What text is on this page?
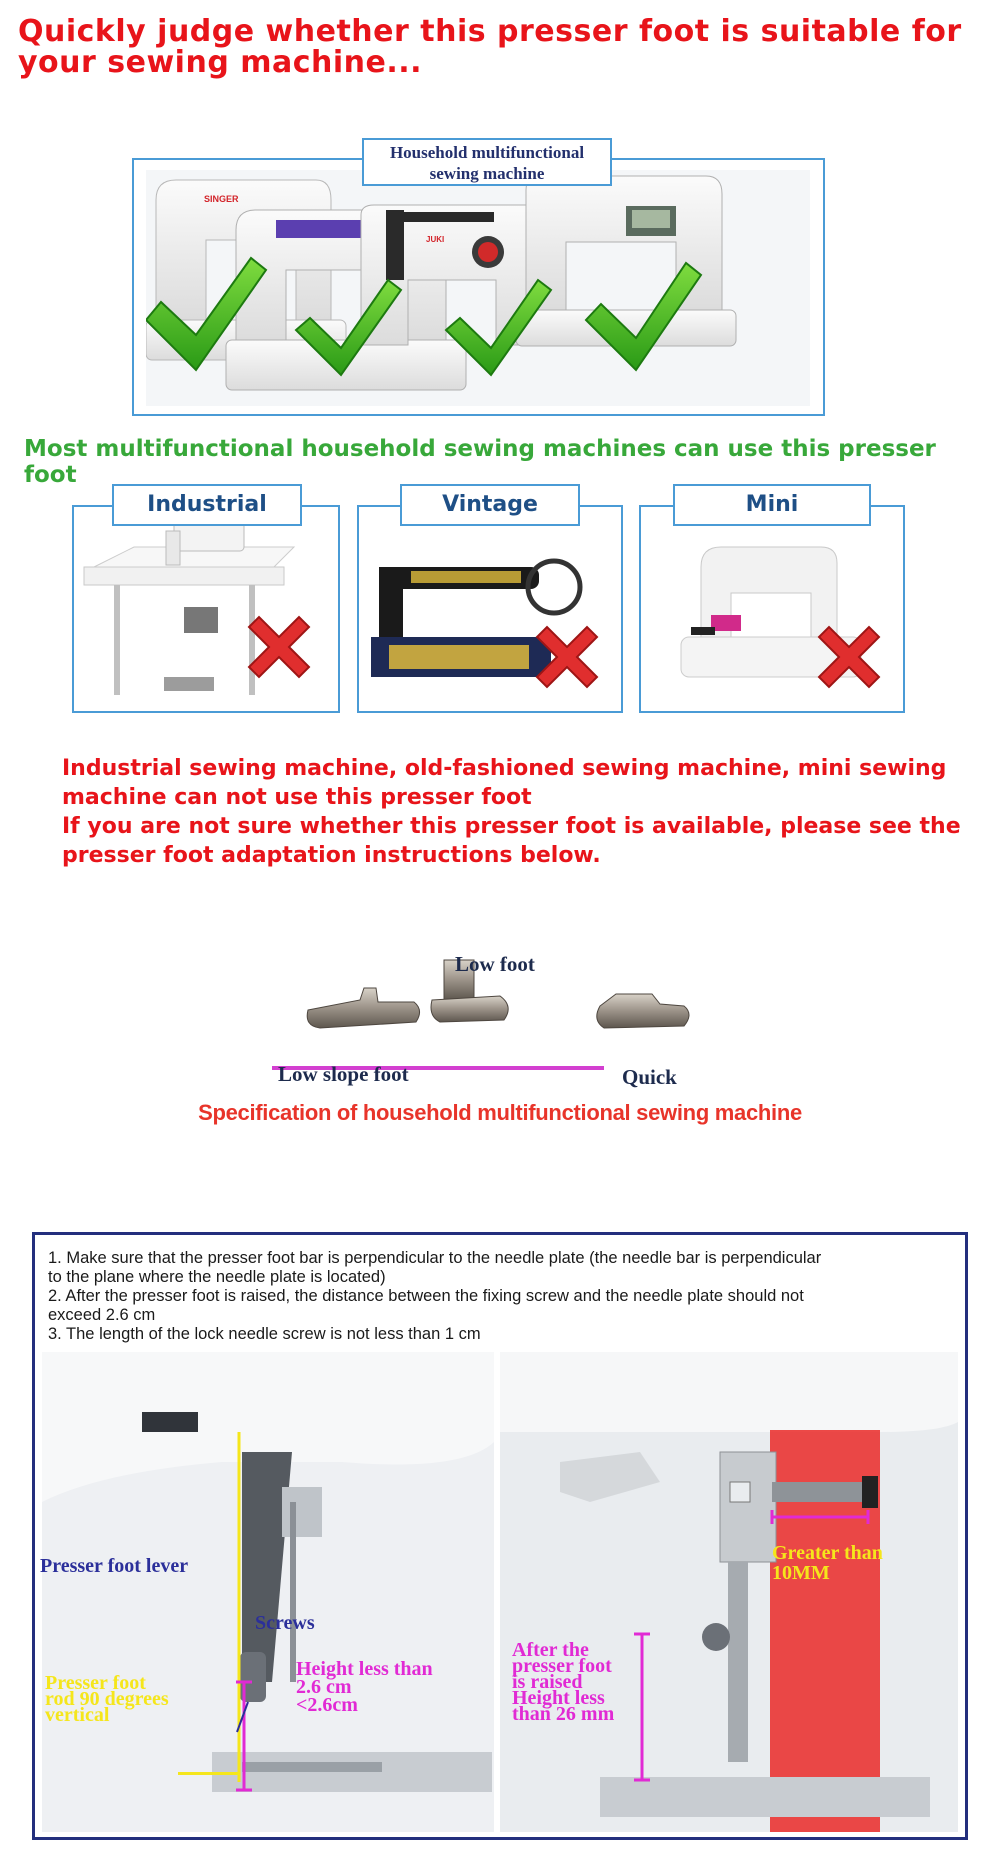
Quickly judge whether this presser foot is suitable for
your sewing machine...
SINGER
JUKI
Household multifunctional
sewing machine
Most multifunctional household sewing machines can use this presser foot
Industrial	Vintage	Mini
Industrial sewing machine, old-fashioned sewing machine, mini sewing
machine can not use this presser foot
If you are not sure whether this presser foot is available, please see the
presser foot adaptation instructions below.
Low foot
Low slope foot	Quick
Specification of household multifunctional sewing machine
1. Make sure that the presser foot bar is perpendicular to the needle plate (the needle bar is perpendicular
to the plane where the needle plate is located)
2. After the presser foot is raised, the distance between the fixing screw and the needle plate should not
exceed 2.6 cm
3. The length of the lock needle screw is not less than 1 cm
Presser foot lever
Screws
Height less than
2.6 cm
<2.6cm
Presser foot
rod 90 degrees
vertical
Greater than
10MM
After the
presser foot
is raised
Height less
than 26 mm
